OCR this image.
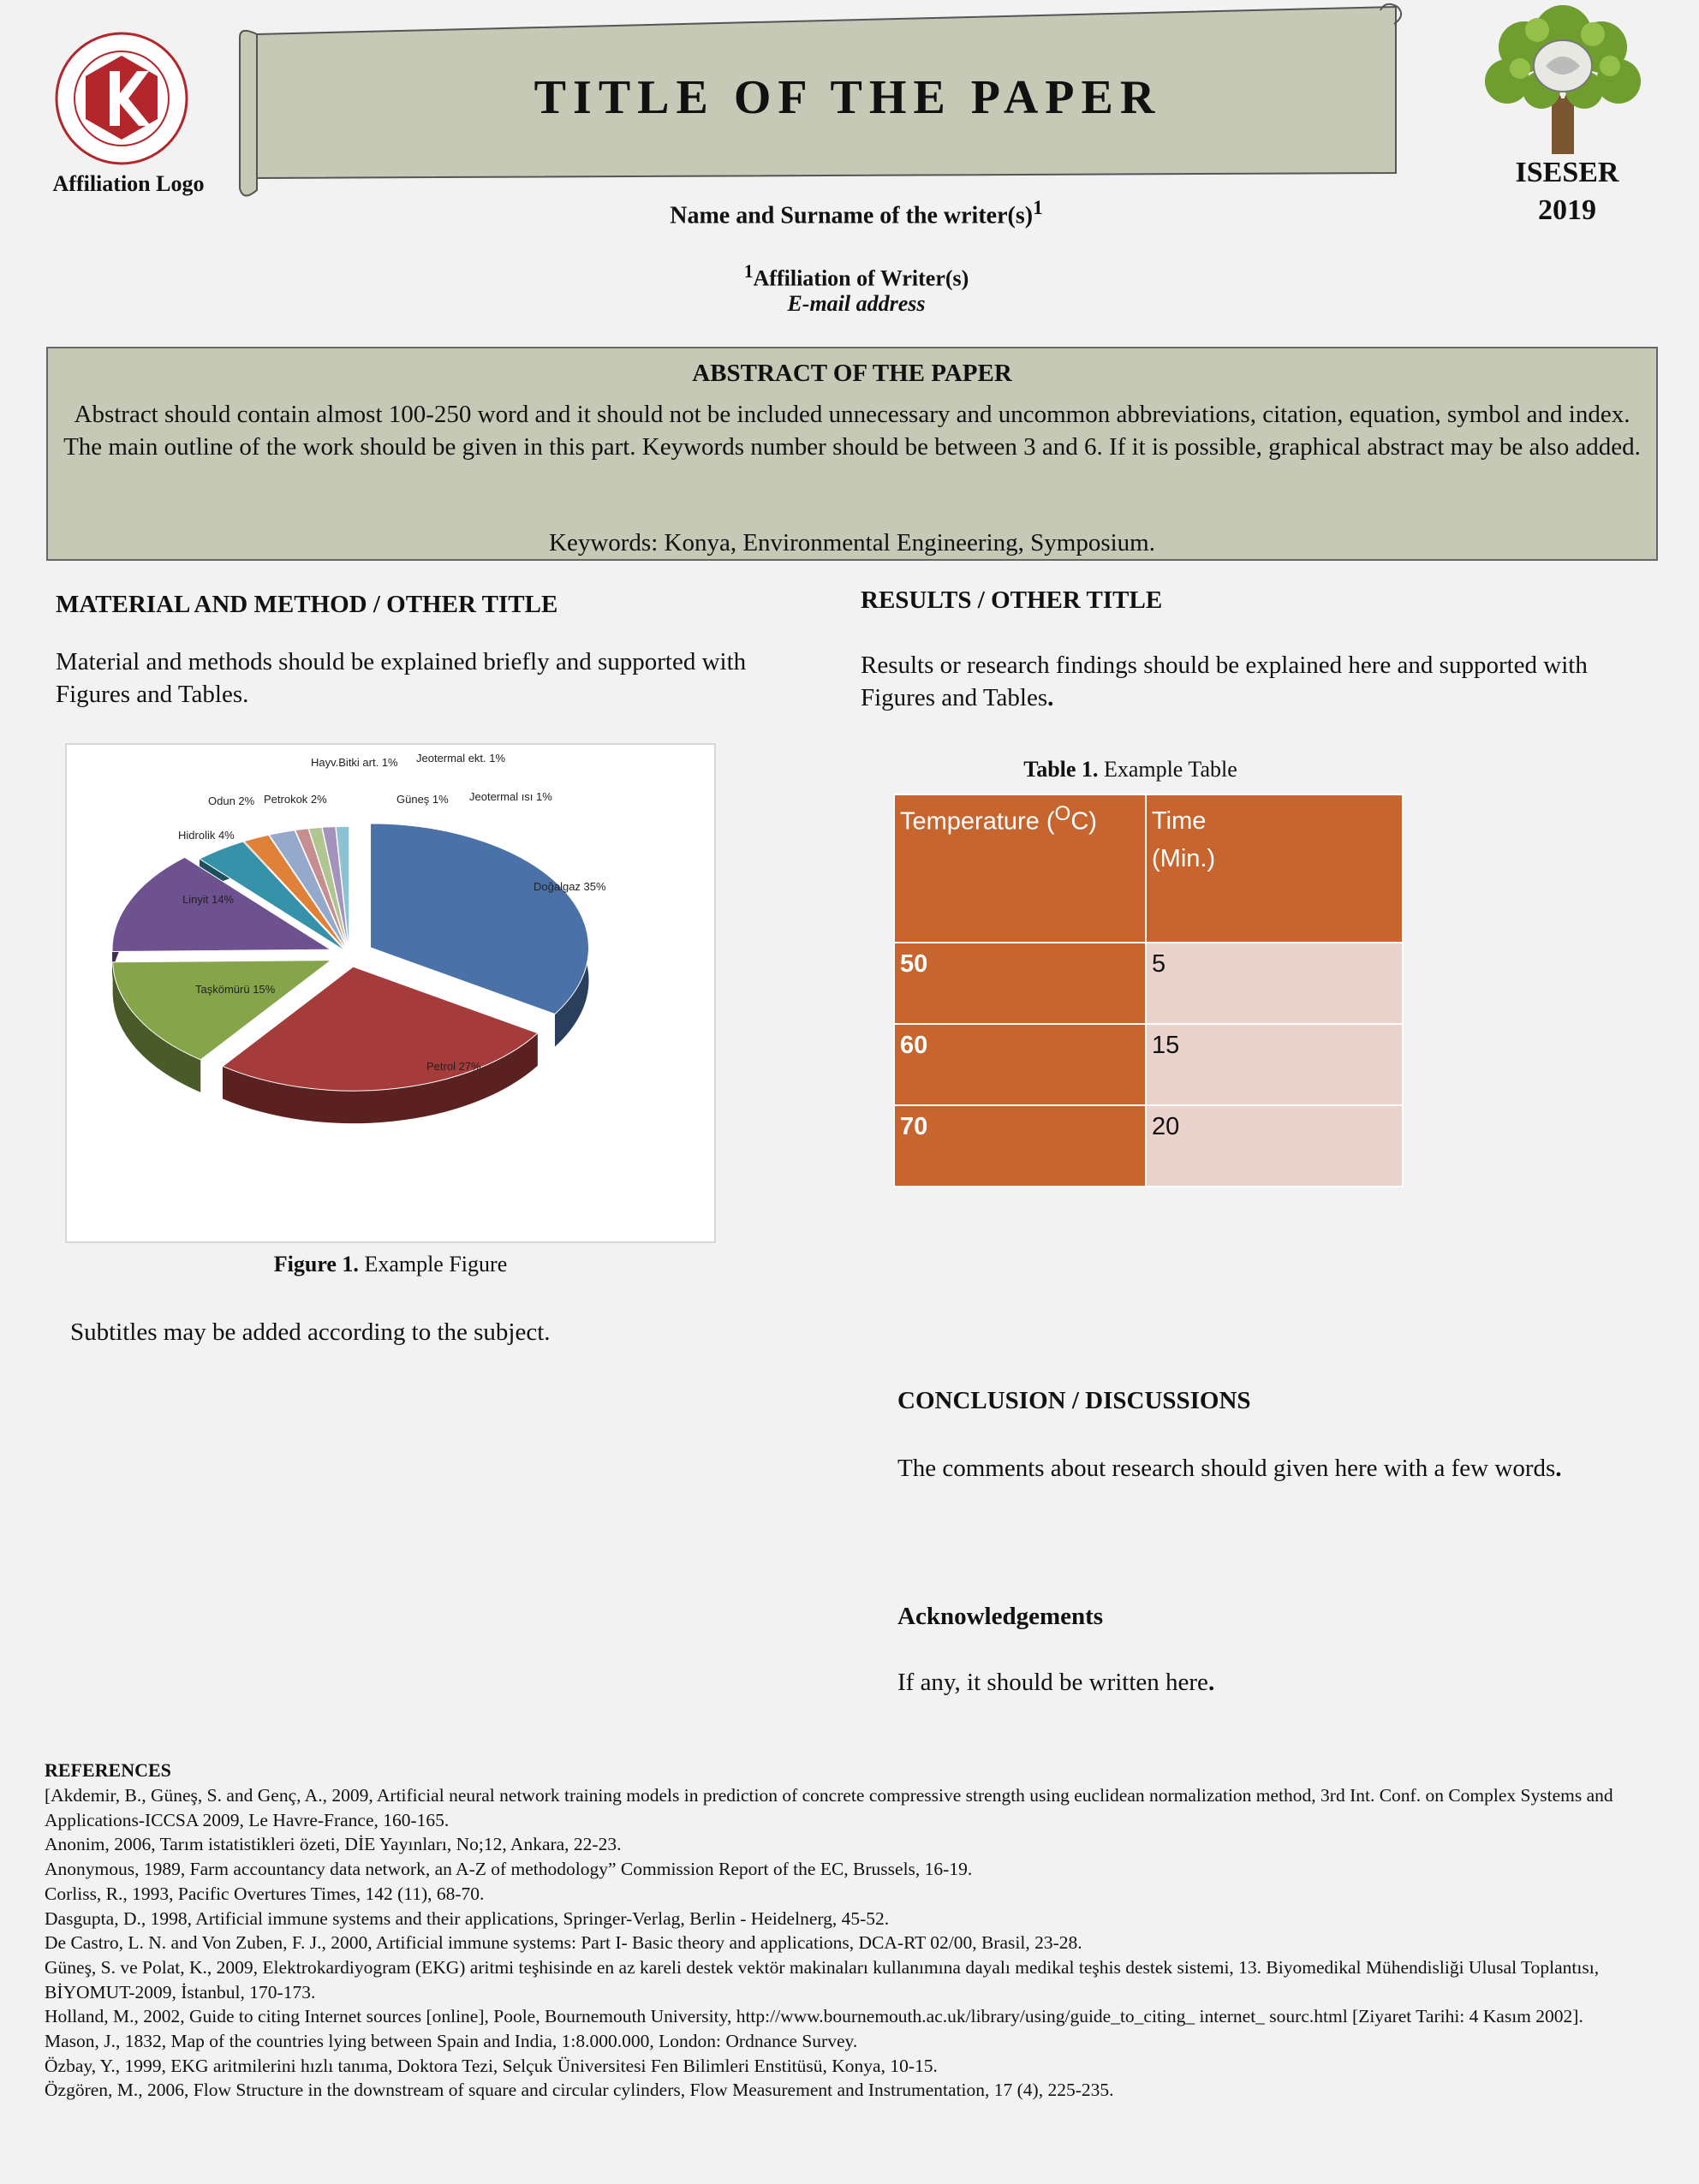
Affiliation Logo
TITLE OF THE PAPER
ISESER
2019
Name and Surname of the $writer(s)^1$
$^1$Affiliation of Writer(s)
E-mail address
ABSTRACT OF THE PAPER
Abstract should contain almost 100-250 word and it should not be included unnecessary and uncommon abbreviations, citation, equation, symbol and index. The main outline of the work should be given in this part. Keywords number should be between 3 and 6. If it is possible, graphical abstract may be also added.
Keywords: Konya, Environmental Engineering, Symposium.
MATERIAL AND METHOD / OTHER TITLE
Material and methods should be explained briefly and supported with Figures and Tables.
Doğalgaz 35%
Petrol 27%
Taşkömürü 15%
Linyit 14%
Hidrolik 4%
Odun 2% Petrokok 2%
Hayv.Bitki art. 1% Jeotermal ekt. 1%
Güneş 1% Jeotermal ısı 1%
Figure 1. Example Figure
Subtitles may be added according to the subject.
RESULTS / OTHER TITLE
Results or research findings should be explained here and supported with Figures and Tables.
Table 1. Example Table
Temperature ($^O$C)	Time
(Min.)

50	5
60	15
70	20
CONCLUSION / DISCUSSIONS
The comments about research should given here with a few words.
Acknowledgements
If any, it should be written here.
REFERENCES
[Akdemir, B., Güneş, S. and Genç, A., 2009, Artificial neural network training models in prediction of concrete compressive strength using euclidean normalization method, 3rd Int. Conf. on Complex Systems and Applications-ICCSA 2009, Le Havre-France, 160-165.
Anonim, 2006, Tarım istatistikleri özeti, DİE Yayınları, No;12, Ankara, 22-23.
Anonymous, 1989, Farm accountancy data network, an A-Z of methodology” Commission Report of the EC, Brussels, 16-19.
Corliss, R., 1993, Pacific Overtures Times, 142 (11), 68-70.
Dasgupta, D., 1998, Artificial immune systems and their applications, Springer-Verlag, Berlin - Heidelnerg, 45-52.
De Castro, L. N. and Von Zuben, F. J., 2000, Artificial immune systems: Part I- Basic theory and applications, DCA-RT 02/00, Brasil, 23-28.
Güneş, S. ve Polat, K., 2009, Elektrokardiyogram (EKG) aritmi teşhisinde en az kareli destek vektör makinaları kullanımına dayalı medikal teşhis destek sistemi, 13. Biyomedikal Mühendisliği Ulusal Toplantısı, BİYOMUT-2009, İstanbul, 170-173.
Holland, M., 2002, Guide to citing Internet sources [online], Poole, Bournemouth University, http://www.bournemouth.ac.uk/library/using/guide_to_citing_ internet_ sourc.html [Ziyaret Tarihi: 4 Kasım 2002].
Mason, J., 1832, Map of the countries lying between Spain and India, 1:8.000.000, London: Ordnance Survey.
Özbay, Y., 1999, EKG aritmilerini hızlı tanıma, Doktora Tezi, Selçuk Üniversitesi Fen Bilimleri Enstitüsü, Konya, 10-15.
Özgören, M., 2006, Flow Structure in the downstream of square and circular cylinders, Flow Measurement and Instrumentation, 17 (4), 225-235.
